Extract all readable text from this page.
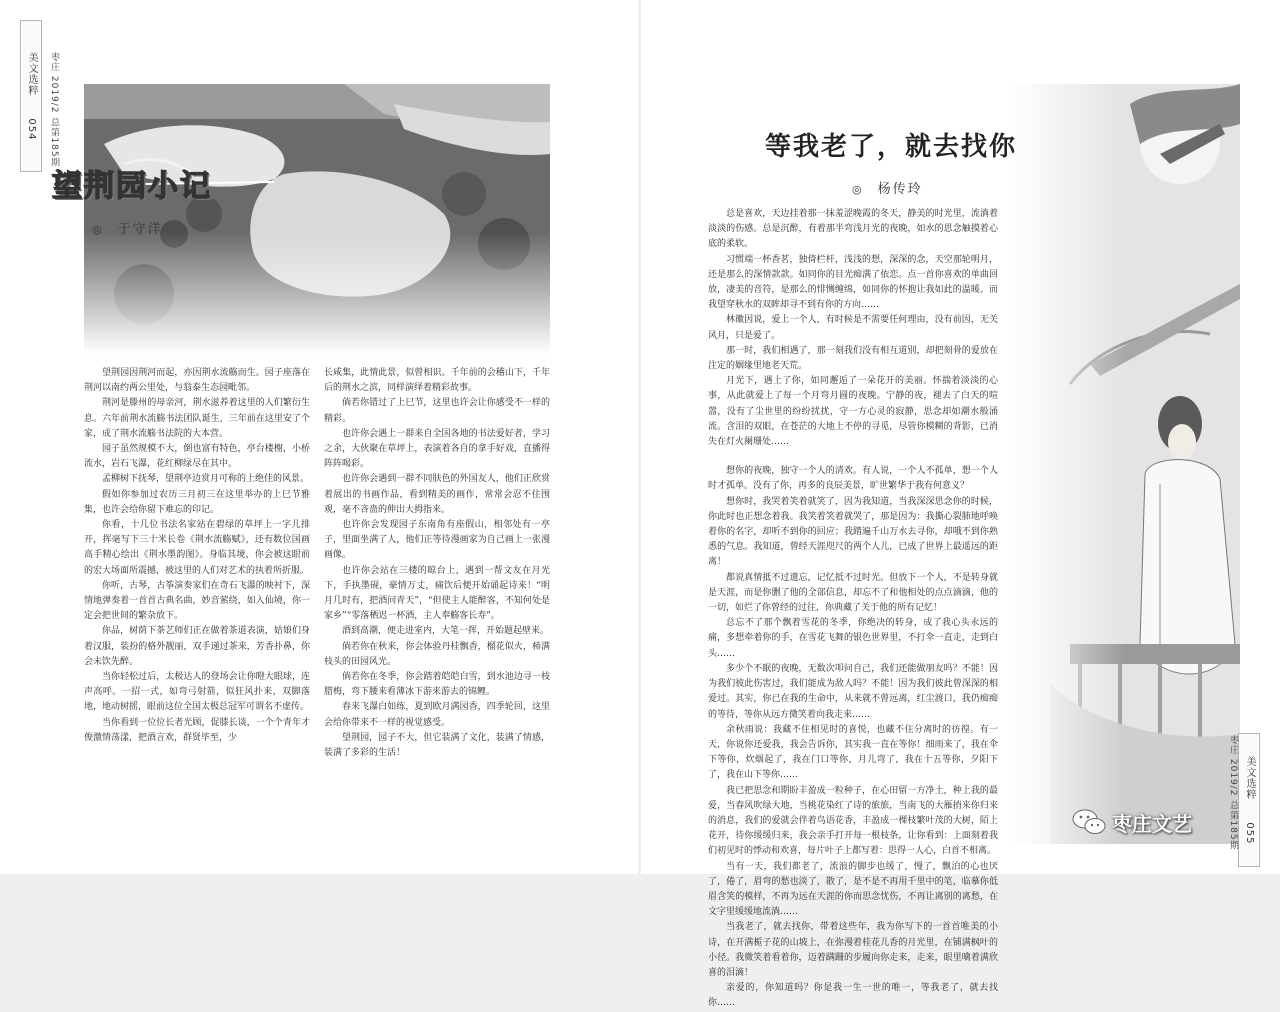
美文选粹  054	枣庄 2019/2 总第185期
望荆园小记
◎ 于守洋

望荆园因荆河而起，亦因荆水流觞而生。园子座落在荆河以南约两公里处，与翁泰生态园毗邻。

荆河是滕州的母亲河，荆水滋养着这里的人们繁衍生息。六年前荆水流觞书法团队诞生，三年前在这里安了个家，成了荆水流觞书法院的大本营。

园子虽然规模不大，倒也富有特色，亭台楼榭，小桥流水，岩石飞瀑，花红柳绿尽在其中。

孟柳树下抚琴，望荆亭边赏月可称的上绝佳的风景。

假如你参加过农历三月初三在这里举办的上巳节雅集，也许会给你留下难忘的印记。

你看，十几位书法名家站在碧绿的草坪上一字儿排开，挥毫写下三十米长卷《荆水流觞赋》，还有数位国画高手精心绘出《荆水墨韵图》。身临其境，你会被这眼前的宏大场面所震撼，被这里的人们对艺术的执着所折服。

你听，古琴，古筝演奏家们在奇石飞瀑的映衬下，深情地弹奏着一首首古典名曲，妙音萦绕，如入仙境，你一定会把世间的繁杂放下。

你品，树荫下茶艺师们正在做着茶道表演，姑娘们身着汉服，装扮的格外靓丽，双手递过茶来，芳香扑鼻，你会未饮先醉。

当你轻松过后，太极达人的登场会让你瞪大眼球，连声高呼。一招一式，如弯弓射箭，似狂风扑来，双脚落地，地动树摇，眼前这位全国太极总冠军可谓名不虚传。

当你看到一位位长者光顾，促膝长谈，一个个青年才俊激情荡漾，把酒言欢，群贤毕至，少

长咸集，此情此景，似曾相识。千年前的会稽山下，千年后的荆水之滨，同样演绎着精彩故事。

倘若你错过了上巳节，这里也许会让你感受不一样的精彩。

也许你会遇上一群来自全国各地的书法爱好者，学习之余，大伙聚在草坪上，表演着各自的拿手好戏，直播得阵阵喝彩。

也许你会遇到一群不同肤色的外国友人，他们正欣赏着展出的书画作品，看到精美的画作，常常会忍不住围观，毫不吝啬的伸出大拇指来。

也许你会发现园子东南角有座假山，相邻处有一亭子，里面坐满了人，他们正等待漫画家为自己画上一张漫画像。

也许你会站在三楼的晾台上，遇到一帮文友在月光下，手执墨砚，豪情万丈，痛饮后便开始诵起诗来！“明月几时有，把酒问青天”，“但使主人能醉客，不知何处是家乡”“零落栖迟一杯酒，主人奉觞客长寿”。

酒到高潮，便走进室内，大笔一挥，开始题起壁来。

倘若你在秋来，你会体验丹桂飘香，榴花似火，柿满枝头的田园风光。

倘若你在冬季，你会踏着皑皑白雪，到水池边寻一枝腊梅，弯下腰来看薄冰下游来游去的锦鲤。

春来飞瀑白如练，夏到欧月满园香，四季轮回，这里会给你带来不一样的视觉感受。

望荆园，园子不大，但它装满了文化，装满了情感，装满了多彩的生活！

美文选粹  055
枣庄 2019/2 总第185期
等我老了，就去找你
◎ 杨传玲

总是喜欢，天边挂着那一抹羞涩晚霞的冬天，静美的时光里，流淌着淡淡的伤感。总是沉醉，有着那半弯浅月光的夜晚，如水的思念触摸着心底的柔软。

习惯端一杯香茗，独倚栏杆，浅浅的想，深深的念，天空那轮明月，还是那么的深情款款。如同你的目光痴满了依恋。点一首你喜欢的单曲回放，凄美的音符，是那么的悱恻缠绵，如同你的怀抱让我如此的温暖。而我望穿秋水的双眸却寻不到有你的方向……

林徽因说，爱上一个人，有时候是不需要任何理由，没有前因，无关风月，只是爱了。

那一时，我们相遇了，那一刻我们没有相互道别，却把刻骨的爱放在注定的姻缘里地老天荒。

月光下，遇上了你，如同邂逅了一朵花开的美丽。怀揣着淡淡的心事，从此就爱上了每一个月弯月圆的夜晚。宁静的夜，褪去了白天的喧嚣，没有了尘世里的纷纷扰扰，守一方心灵的寂静，思念却如潮水般涌流。含泪的双眼，在苍茫的大地上不停的寻觅，尽管你模糊的背影，已消失在灯火阑珊处……

想你的夜晚，独守一个人的清欢。有人说，一个人不孤单，想一个人时才孤单。没有了你，再多的良辰美景，旷世繁华于我有何意义？

想你时，我哭着笑着就笑了，因为我知道，当我深深思念你的时候，你此时也正想念着我。我笑着笑着就哭了，那是因为：我撕心裂肺地呼唤着你的名字，却听不到你的回应；我踏遍千山万水去寻你，却哦不到你熟悉的气息。我知道，曾经天涯咫尺的两个人儿，已成了世界上最遥远的距离！

都说真情抵不过遗忘，记忆抵不过时光。但放下一个人，不是转身就是天涯，而是你删了他的全部信息，却忘不了和他相处的点点滴滴，他的一切，如烂了你曾经的过往，你典藏了关于他的所有记忆！

总忘不了那个飘着雪花的冬季，你绝决的转身，成了我心头永远的痛，多想牵着你的手，在雪花飞舞的银色世界里，不打伞一直走，走到白头……

多少个不眠的夜晚，无数次叩问自己，我们还能做朋友吗？不能！因为我们彼此伤害过，我们能成为敌人吗？不能！因为我们彼此曾深深的相爱过。其实，你已在我的生命中，从来就不曾远离，红尘渡口，我仍痴痴的等待，等你从远方微笑着向我走来……

余秋雨说：我藏不住相见时的喜悦，也藏不住分离时的彷徨。有一天，你说你还爱我，我会告诉你，其实我一直在等你！细雨来了，我在伞下等你，炊烟起了，我在门口等你，月儿弯了，我在十五等你，夕阳下了，我在山下等你……

我已把思念和期盼丰盈成一粒种子，在心田留一方净土，种上我的最爱，当春风吹绿大地，当桃花染红了诗的旅旅，当南飞的大雁捎来你归来的消息，我们的爱就会伴着鸟语花香，丰盈成一棵枝繁叶茂的大树，陌上花开，待你缓缓归来，我会亲手打开每一根枝条，让你看到：上面刻着我们初见时的悸动和欢喜，每片叶子上都写着：思得一人心，白首不相离。

当有一天，我们都老了，流浪的脚步也缓了，慢了，飘泊的心也厌了，倦了，眉弯的愁也淡了，散了，是不是不再用千里中的笔，临摹你低眉含笑的模样，不再为远在天涯的你而思念忧伤，不再让离别的离愁，在文字里缓缓地流淌……

当我老了，就去找你，带着这些年，我为你写下的一首首唯美的小诗，在开满栀子花的山坡上，在弥漫着桂花儿香的月光里，在铺满枫叶的小径。我微笑着看着你，迈着蹒跚的步履向你走来，走来，眼里噙着满欣喜的泪滴！

亲爱的，你知道吗？你是我一生一世的唯一，等我老了，就去找你……

枣庄文艺
